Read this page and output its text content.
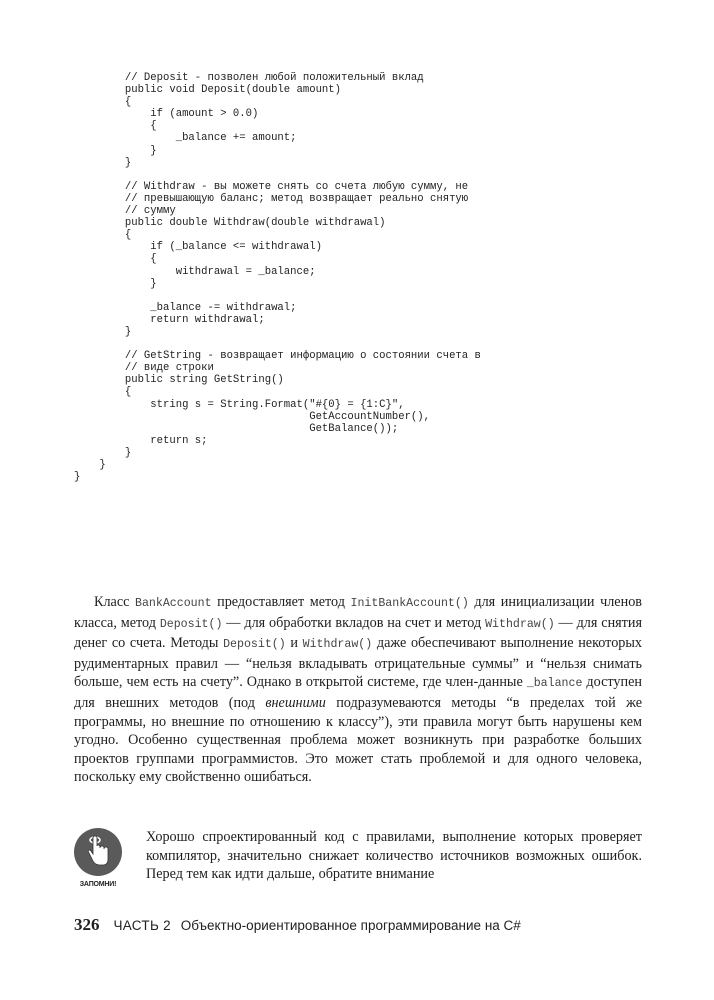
// Deposit - позволен любой положительный вклад
public void Deposit(double amount)
{
if (amount > 0.0)
{
_balance += amount;
}
}
// Withdraw - вы можете снять со счета любую сумму, не
// превышающую баланс; метод возвращает реально снятую
// сумму
public double Withdraw(double withdrawal)
{
if (_balance <= withdrawal)
{
withdrawal = _balance;
}
_balance -= withdrawal;
return withdrawal;
}
// GetString - возвращает информацию о состоянии счета в
// виде строки
public string GetString()
{
string s = String.Format("#{0} = {1:C}",
GetAccountNumber(),
GetBalance());
return s;
}
}
}
Класс BankAccount предоставляет метод InitBankAccount() для инициализации членов класса, метод Deposit() — для обработки вкладов на счет и метод Withdraw() — для снятия денег со счета. Методы Deposit() и Withdraw() даже обеспечивают выполнение некоторых рудиментарных правил — “нельзя вкладывать отрицательные суммы” и “нельзя снимать больше, чем есть на счету”. Однако в открытой системе, где член-данные _balance доступен для внешних методов (под внешними подразумеваются методы “в пределах той же программы, но внешние по отношению к классу”), эти правила могут быть нарушены кем угодно. Особенно существенная проблема может возникнуть при разработке больших проектов группами программистов. Это может стать проблемой и для одного человека, поскольку ему свойственно ошибаться.
ЗАПОМНИ!
Хорошо спроектированный код с правилами, выполнение которых проверяет компилятор, значительно снижает количество источников возможных ошибок. Перед тем как идти дальше, обратите внимание
326 ЧАСТЬ 2 Объектно-ориентированное программирование на C#
